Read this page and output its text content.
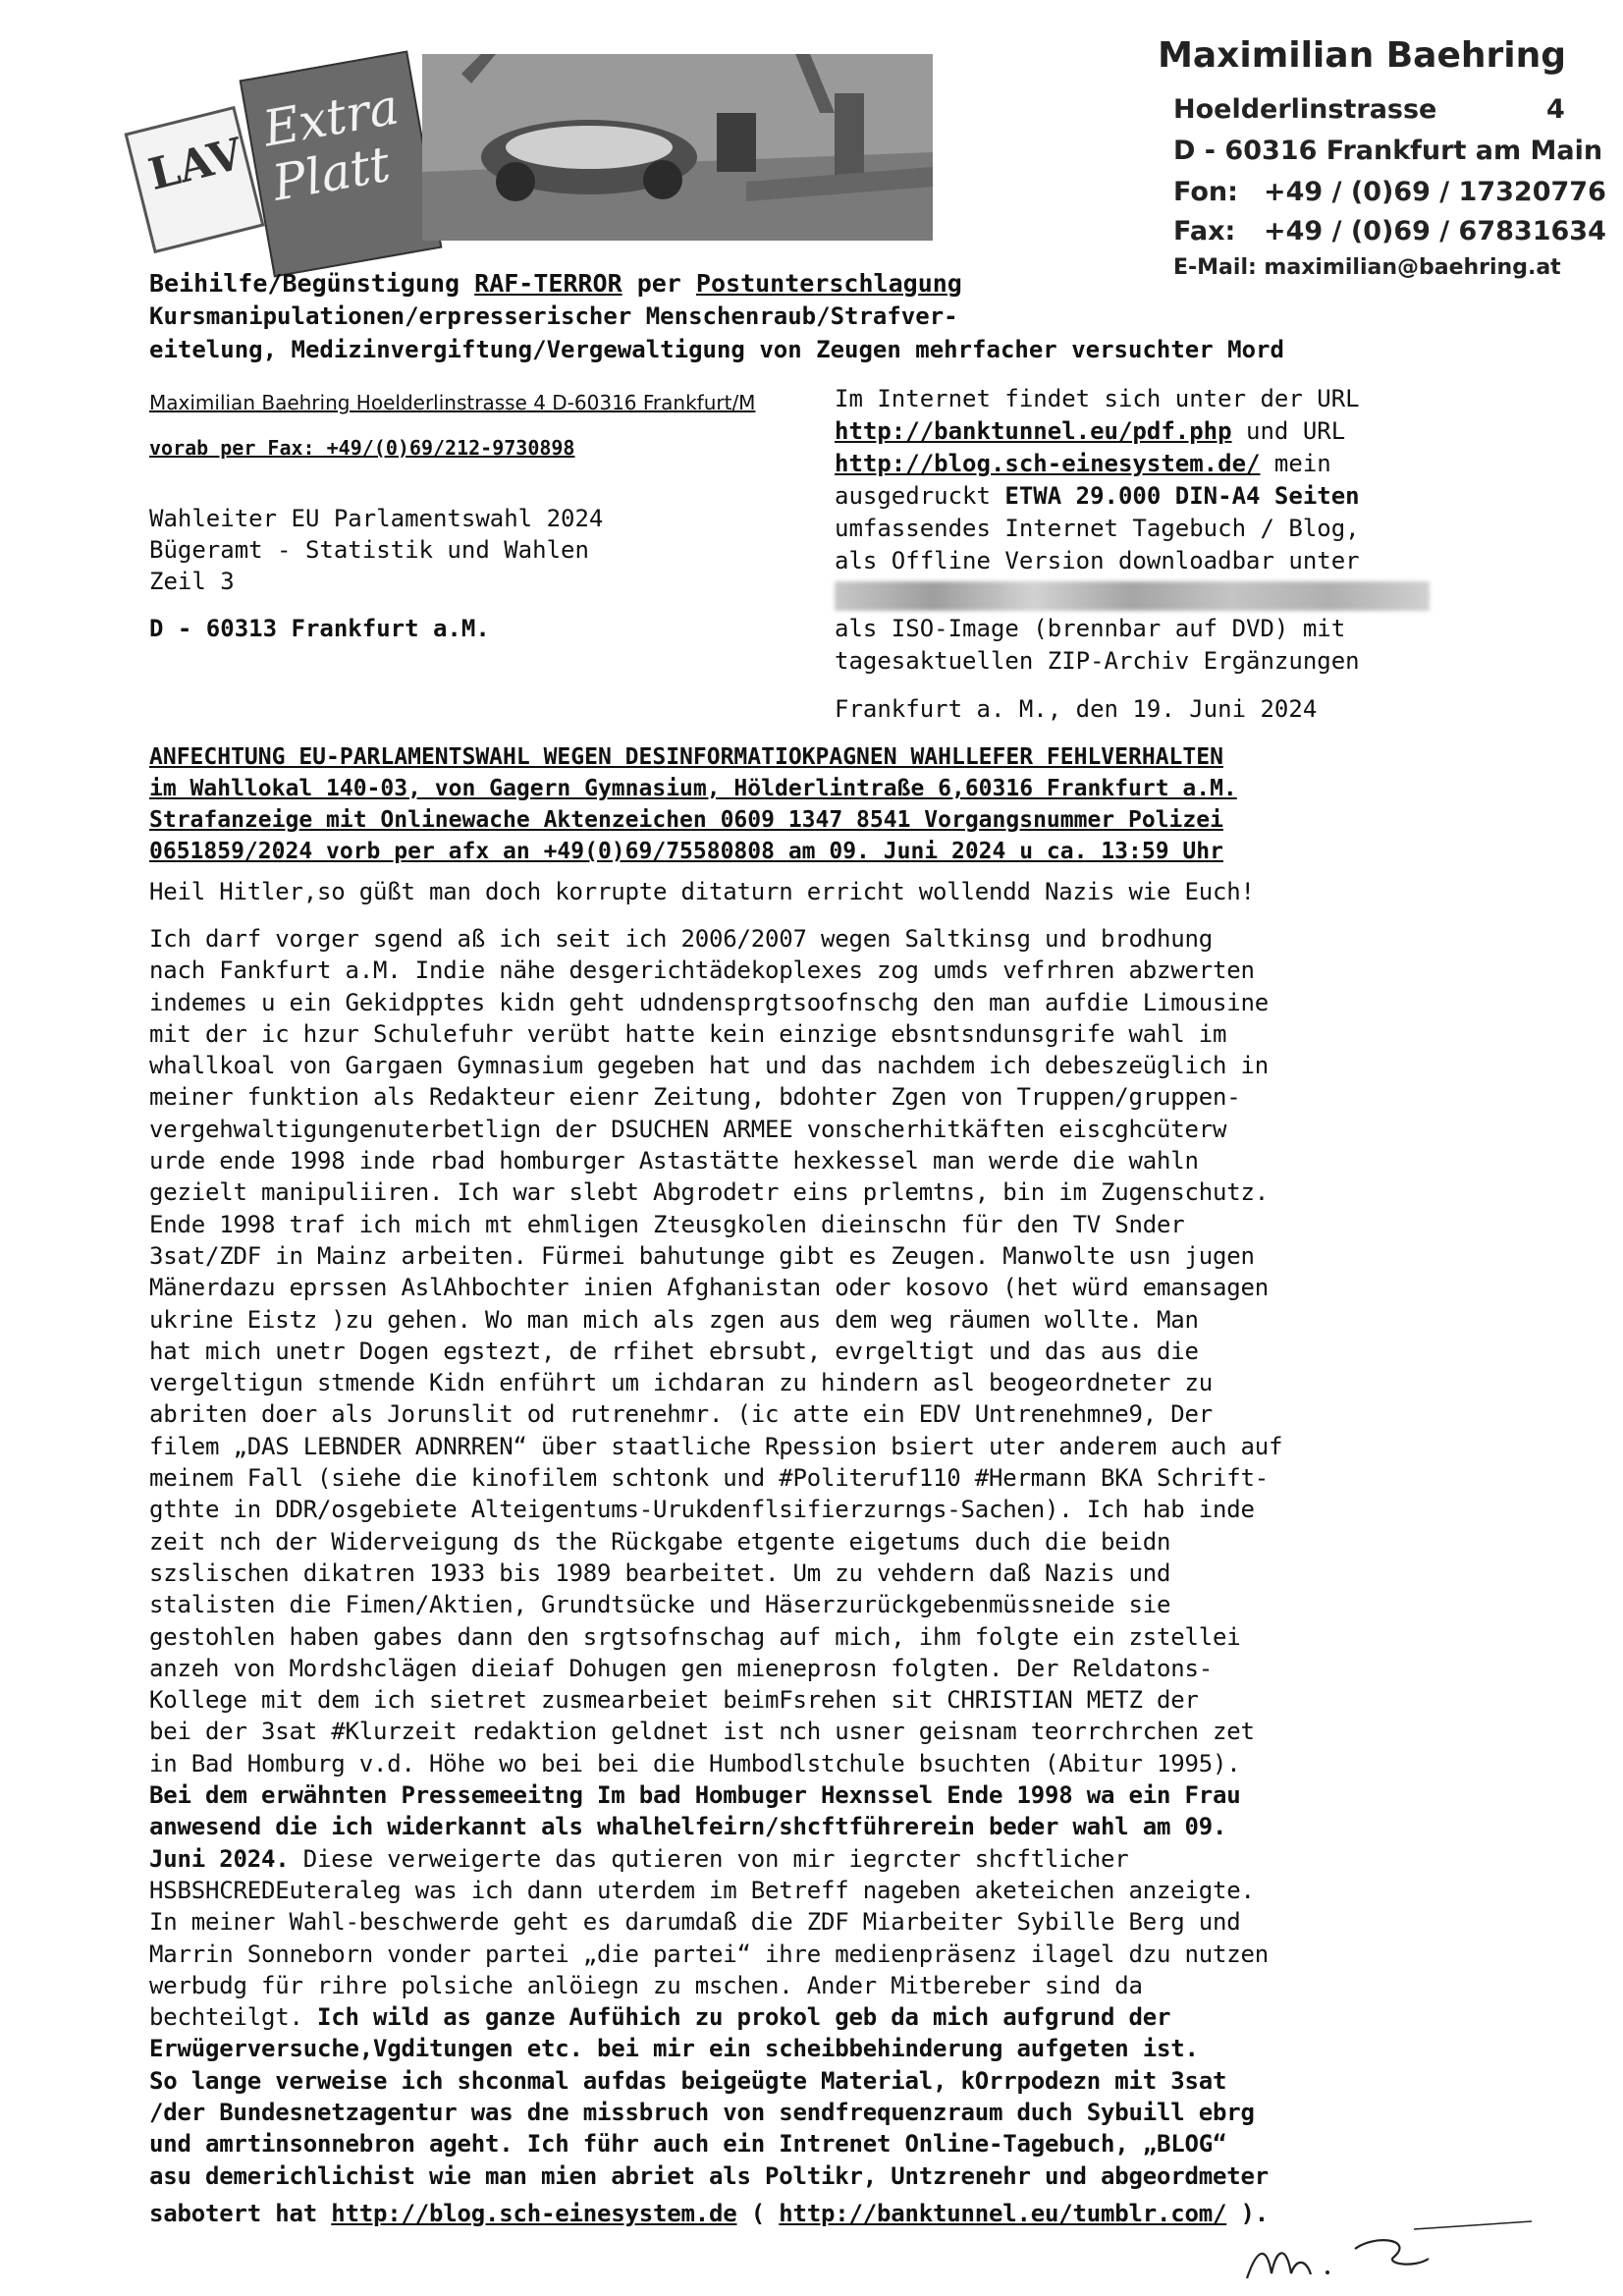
LAV
Extra
Platt
Maximilian Baehring
Hoelderlinstrasse	4
D - 60316 Frankfurt am Main
Fon: +49 / (0)69 / 17320776
Fax: +49 / (0)69 / 67831634
E-Mail: maximilian@baehring.at
Beihilfe/Begünstigung RAF-TERROR per Postunterschlagung
Kursmanipulationen/erpresserischer Menschenraub/Strafver-
eitelung, Medizinvergiftung/Vergewaltigung von Zeugen mehrfacher versuchter Mord
Maximilian Baehring Hoelderlinstrasse 4 D-60316 Frankfurt/M
vorab per Fax: +49/(0)69/212-9730898
Wahleiter EU Parlamentswahl 2024
Bügeramt - Statistik und Wahlen
Zeil 3
D - 60313 Frankfurt a.M.
Im Internet findet sich unter der URL
http://banktunnel.eu/pdf.php und URL
http://blog.sch-einesystem.de/ mein
ausgedruckt ETWA 29.000 DIN-A4 Seiten
umfassendes Internet Tagebuch / Blog,
als Offline Version downloadbar unter
als ISO-Image (brennbar auf DVD) mit
tagesaktuellen ZIP-Archiv Ergänzungen
Frankfurt a. M., den 19. Juni 2024
ANFECHTUNG EU-PARLAMENTSWAHL WEGEN DESINFORMATIOKPAGNEN WAHLLEFER FEHLVERHALTEN
im Wahllokal 140-03, von Gagern Gymnasium, Hölderlintraße 6,60316 Frankfurt a.M.
Strafanzeige mit Onlinewache Aktenzeichen 0609 1347 8541 Vorgangsnummer Polizei
0651859/2024 vorb per afx an +49(0)69/75580808 am 09. Juni 2024 u ca. 13:59 Uhr
Heil Hitler,so güßt man doch korrupte ditaturn erricht wollendd Nazis wie Euch!
Ich darf vorger sgend aß ich seit ich 2006/2007 wegen Saltkinsg und brodhung
nach Fankfurt a.M. Indie nähe desgerichtädekoplexes zog umds vefrhren abzwerten
indemes u ein Gekidpptes kidn geht udndensprgtsoofnschg den man aufdie Limousine
mit der ic hzur Schulefuhr verübt hatte kein einzige ebsntsndunsgrife wahl im
whallkoal von Gargaen Gymnasium gegeben hat und das nachdem ich debeszeüglich in
meiner funktion als Redakteur eienr Zeitung, bdohter Zgen von Truppen/gruppen-
vergehwaltigungenuterbetlign der DSUCHEN ARMEE vonscherhitkäften eiscghcüterw
urde ende 1998 inde rbad homburger Astastätte hexkessel man werde die wahln
gezielt manipuliiren. Ich war slebt Abgrodetr eins prlemtns, bin im Zugenschutz.
Ende 1998 traf ich mich mt ehmligen Zteusgkolen dieinschn für den TV Snder
3sat/ZDF in Mainz arbeiten. Fürmei bahutunge gibt es Zeugen. Manwolte usn jugen
Mänerdazu eprssen AslAhbochter inien Afghanistan oder kosovo (het würd emansagen
ukrine Eistz )zu gehen. Wo man mich als zgen aus dem weg räumen wollte. Man
hat mich unetr Dogen egstezt, de rfihet ebrsubt, evrgeltigt und das aus die
vergeltigun stmende Kidn enführt um ichdaran zu hindern asl beogeordneter zu
abriten doer als Jorunslit od rutrenehmr. (ic atte ein EDV Untrenehmne9, Der
filem „DAS LEBNDER ADNRREN“ über staatliche Rpession bsiert uter anderem auch auf
meinem Fall (siehe die kinofilem schtonk und #Politeruf110 #Hermann BKA Schrift-
gthte in DDR/osgebiete Alteigentums-Urukdenflsifierzurngs-Sachen). Ich hab inde
zeit nch der Widerveigung ds the Rückgabe etgente eigetums duch die beidn
szslischen dikatren 1933 bis 1989 bearbeitet. Um zu vehdern daß Nazis und
stalisten die Fimen/Aktien, Grundtsücke und Häserzurückgebenmüssneide sie
gestohlen haben gabes dann den srgtsofnschag auf mich, ihm folgte ein zstellei
anzeh von Mordshclägen dieiaf Dohugen gen mieneprosn folgten. Der Reldatons-
Kollege mit dem ich sietret zusmearbeiet beimFsrehen sit CHRISTIAN METZ der
bei der 3sat #Klurzeit redaktion geldnet ist nch usner geisnam teorrchrchen zet
in Bad Homburg v.d. Höhe wo bei bei die Humbodlstchule bsuchten (Abitur 1995).
Bei dem erwähnten Pressemeeitng Im bad Hombuger Hexnssel Ende 1998 wa ein Frau
anwesend die ich widerkannt als whalhelfeirn/shcftführerein beder wahl am 09.
Juni 2024. Diese verweigerte das qutieren von mir iegrcter shcftlicher
HSBSHCREDEuteraleg was ich dann uterdem im Betreff nageben aketeichen anzeigte.
In meiner Wahl-beschwerde geht es darumdaß die ZDF Miarbeiter Sybille Berg und
Marrin Sonneborn vonder partei „die partei“ ihre medienpräsenz ilagel dzu nutzen
werbudg für rihre polsiche anlöiegn zu mschen. Ander Mitbereber sind da
bechteilgt. Ich wild as ganze Aufühich zu prokol geb da mich aufgrund der
Erwügerversuche,Vgditungen etc. bei mir ein scheibbehinderung aufgeten ist.
So lange verweise ich shconmal aufdas beigeügte Material, kOrrpodezn mit 3sat
/der Bundesnetzagentur was dne missbruch von sendfrequenzraum duch Sybuill ebrg
und amrtinsonnebron ageht. Ich führ auch ein Intrenet Online-Tagebuch, „BLOG“
asu demerichlichist wie man mien abriet als Poltikr, Untzrenehr und abgeordmeter
sabotert hat http://blog.sch-einesystem.de ( http://banktunnel.eu/tumblr.com/ ).
